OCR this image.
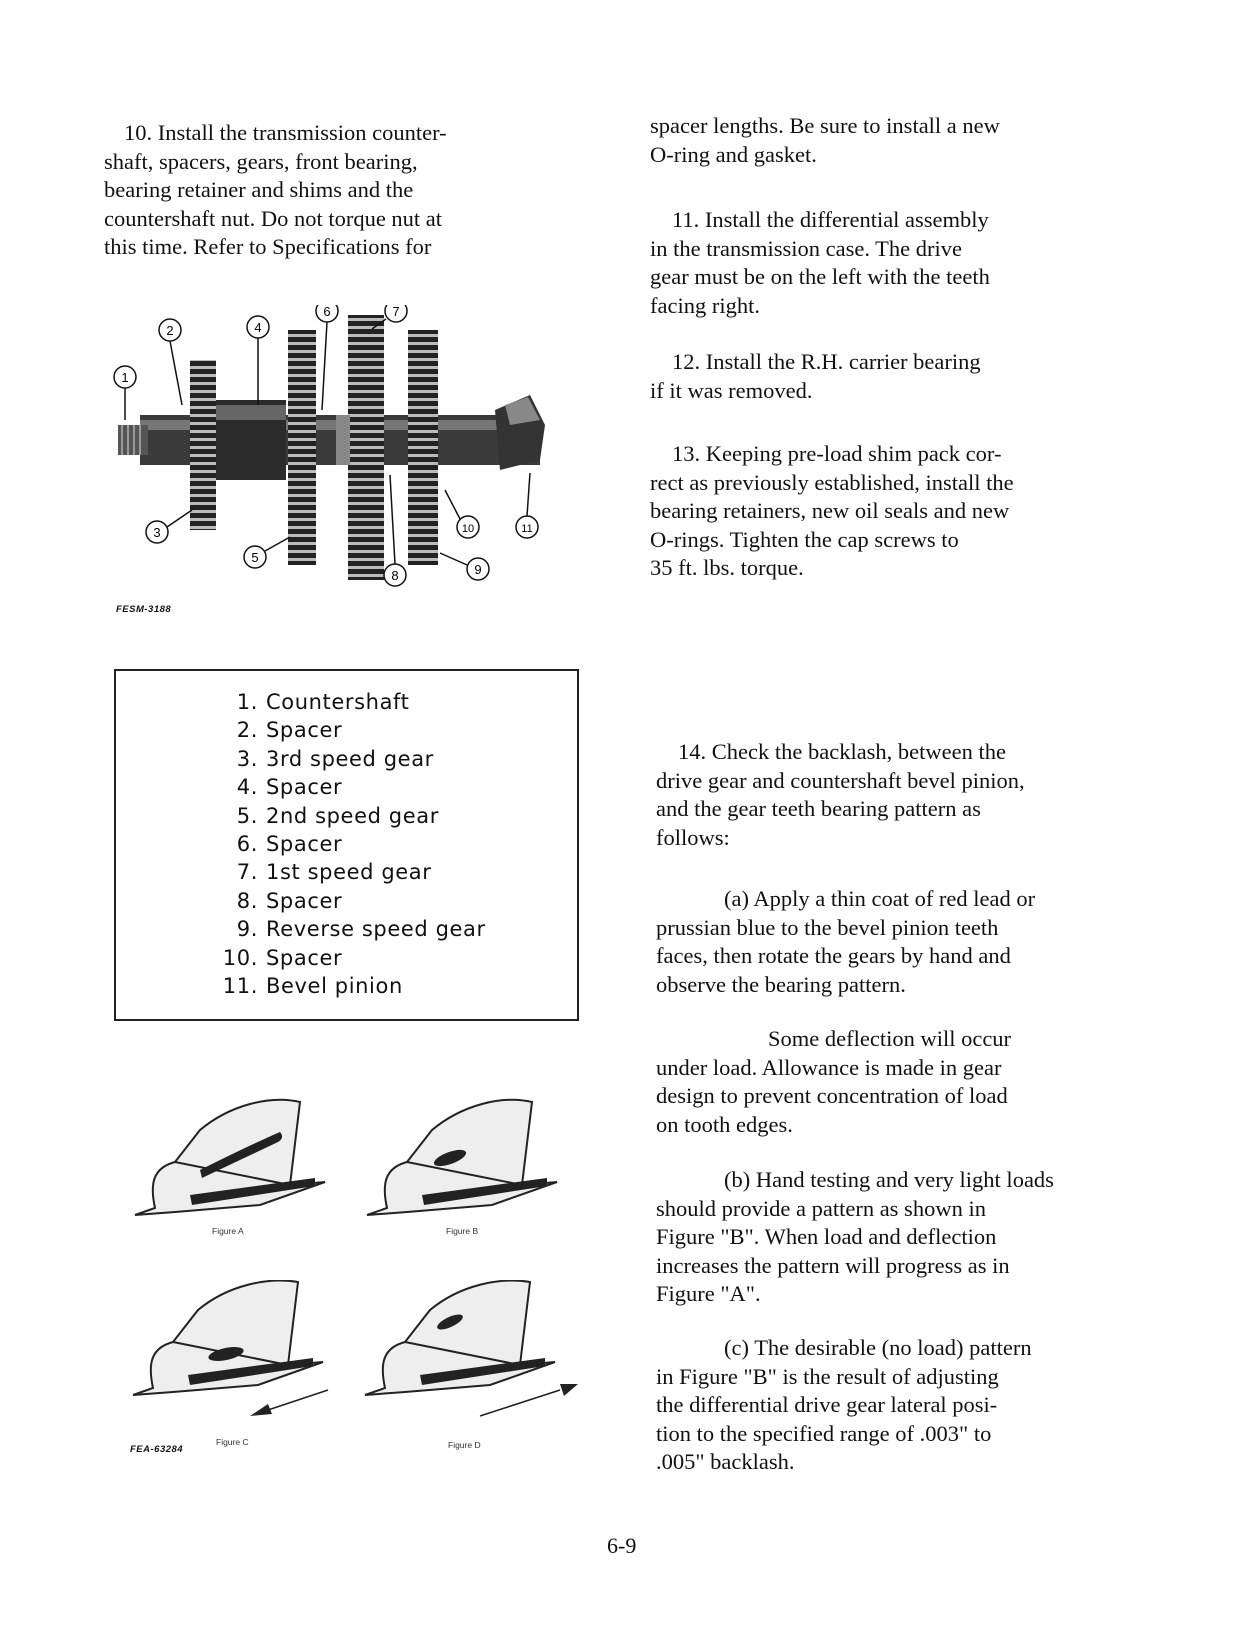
10. Install the transmission counter-
shaft, spacers, gears, front bearing,
bearing retainer and shims and the
countershaft nut. Do not torque nut at
this time. Refer to Specifications for
1
2
3
4
5
6	7
8	9
10	11
FESM-3188
1. Countershaft
2. Spacer
3. 3rd speed gear
4. Spacer
5. 2nd speed gear
6. Spacer
7. 1st speed gear
8. Spacer
9. Reverse speed gear
10. Spacer
11. Bevel pinion
Figure A	Figure B
Figure C	Figure D
FEA-63284
spacer lengths. Be sure to install a new
O-ring and gasket.
11. Install the differential assembly
in the transmission case. The drive
gear must be on the left with the teeth
facing right.
12. Install the R.H. carrier bearing
if it was removed.
13. Keeping pre-load shim pack cor-
rect as previously established, install the
bearing retainers, new oil seals and new
O-rings. Tighten the cap screws to
35 ft. lbs. torque.
14. Check the backlash, between the
drive gear and countershaft bevel pinion,
and the gear teeth bearing pattern as
follows:
(a) Apply a thin coat of red lead or
prussian blue to the bevel pinion teeth
faces, then rotate the gears by hand and
observe the bearing pattern.
Some deflection will occur
under load. Allowance is made in gear
design to prevent concentration of load
on tooth edges.
(b) Hand testing and very light loads
should provide a pattern as shown in
Figure "B". When load and deflection
increases the pattern will progress as in
Figure "A".
(c) The desirable (no load) pattern
in Figure "B" is the result of adjusting
the differential drive gear lateral posi-
tion to the specified range of .003" to
.005" backlash.
6-9
